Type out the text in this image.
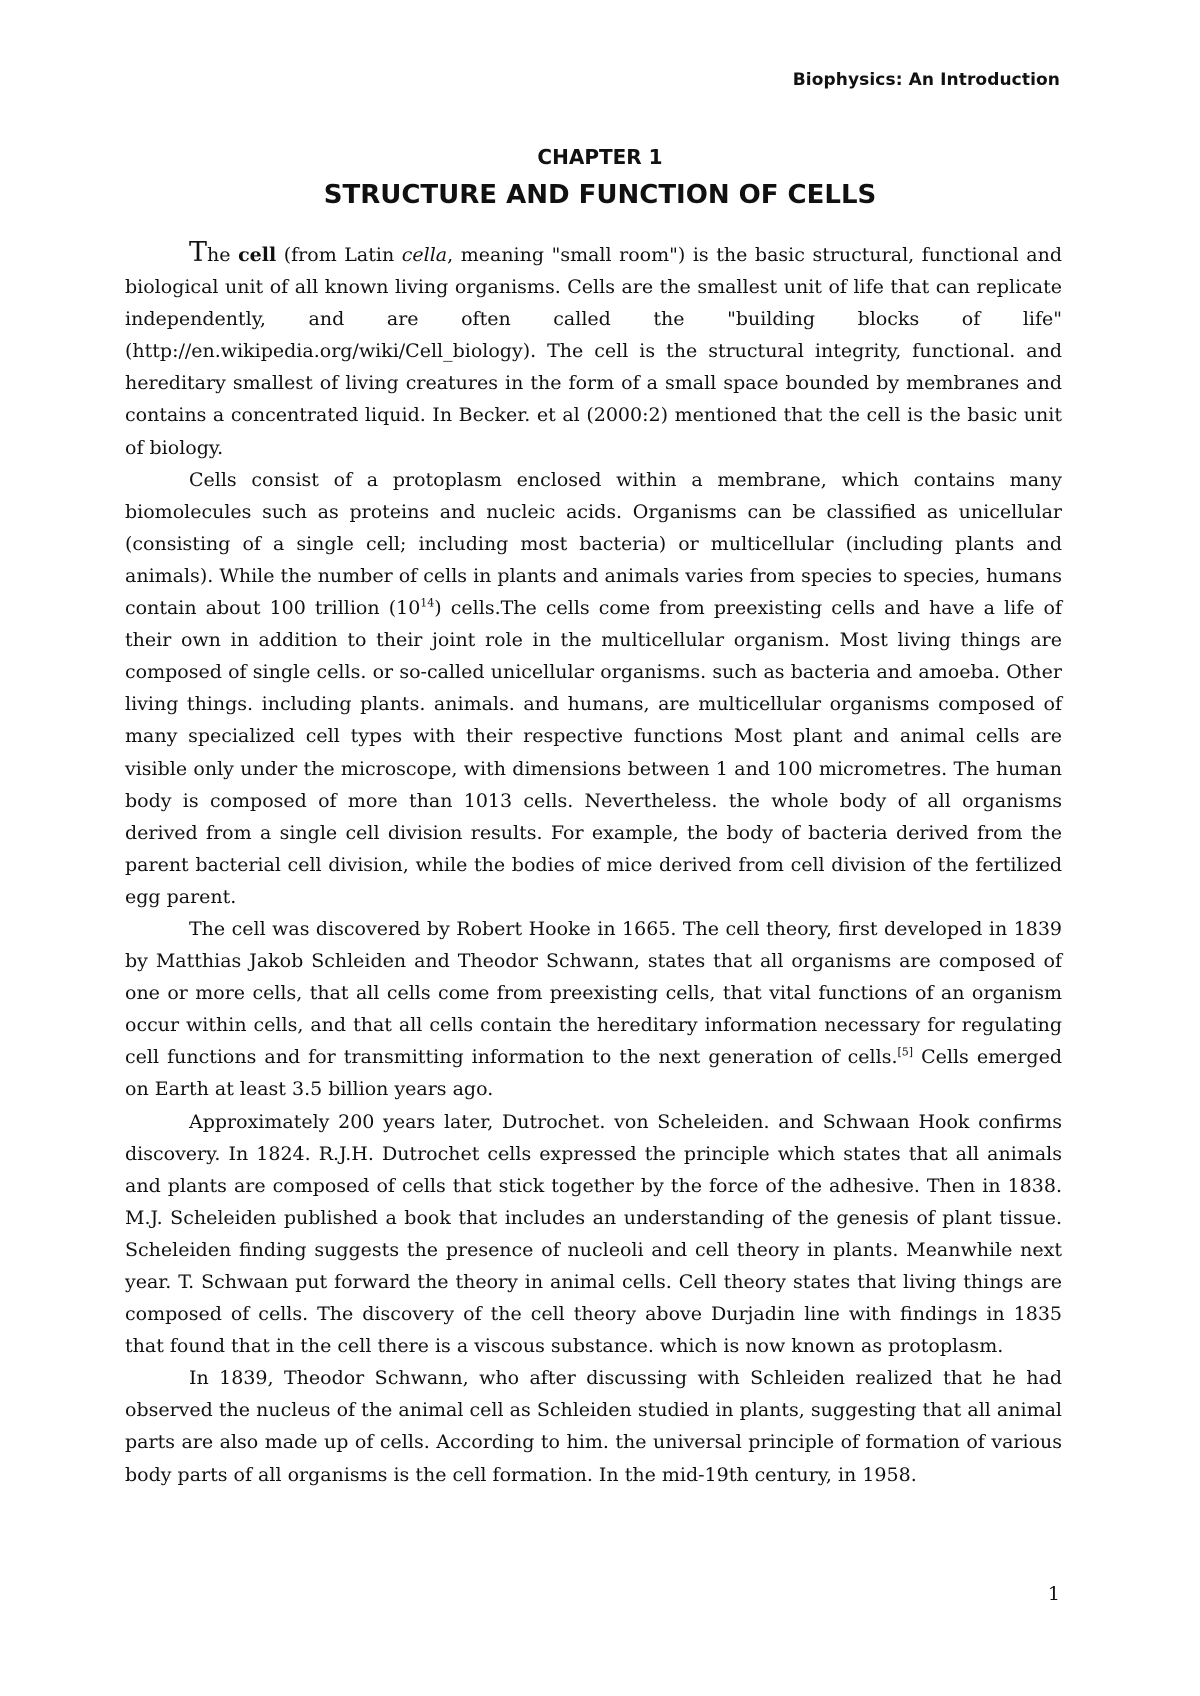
Biophysics: An Introduction
CHAPTER 1
STRUCTURE AND FUNCTION OF CELLS

The cell (from Latin cella, meaning "small room") is the basic structural, functional and biological unit of all known living organisms. Cells are the smallest unit of life that can replicate independently, and are often called the "building blocks of life" (http://en.wikipedia.org/wiki/Cell_biology). The cell is the structural integrity, functional. and hereditary smallest of living creatures in the form of a small space bounded by membranes and contains a concentrated liquid. In Becker. et al (2000:2) mentioned that the cell is the basic unit of biology.

Cells consist of a protoplasm enclosed within a membrane, which contains many biomolecules such as proteins and nucleic acids. Organisms can be classified as unicellular (consisting of a single cell; including most bacteria) or multicellular (including plants and animals). While the number of cells in plants and animals varies from species to species, humans contain about 100 trillion $(10^{14})$ cells.The cells come from preexisting cells and have a life of their own in addition to their joint role in the multicellular organism. Most living things are composed of single cells. or so-called unicellular organisms. such as bacteria and amoeba. Other living things. including plants. animals. and humans, are multicellular organisms composed of many specialized cell types with their respective functions Most plant and animal cells are visible only under the microscope, with dimensions between 1 and 100 micrometres. The human body is composed of more than 1013 cells. Nevertheless. the whole body of all organisms derived from a single cell division results. For example, the body of bacteria derived from the parent bacterial cell division, while the bodies of mice derived from cell division of the fertilized egg parent.

The cell was discovered by Robert Hooke in 1665. The cell theory, first developed in 1839 by Matthias Jakob Schleiden and Theodor Schwann, states that all organisms are composed of one or more cells, that all cells come from preexisting cells, that vital functions of an organism occur within cells, and that all cells contain the hereditary information necessary for regulating cell functions and for transmitting information to the next generation of cells.[5] Cells emerged on Earth at least 3.5 billion years ago.

Approximately 200 years later, Dutrochet. von Scheleiden. and Schwaan Hook confirms discovery. In 1824. R.J.H. Dutrochet cells expressed the principle which states that all animals and plants are composed of cells that stick together by the force of the adhesive. Then in 1838. M.J. Scheleiden published a book that includes an understanding of the genesis of plant tissue. Scheleiden finding suggests the presence of nucleoli and cell theory in plants. Meanwhile next year. T. Schwaan put forward the theory in animal cells. Cell theory states that living things are composed of cells. The discovery of the cell theory above Durjadin line with findings in 1835 that found that in the cell there is a viscous substance. which is now known as protoplasm.

In 1839, Theodor Schwann, who after discussing with Schleiden realized that he had observed the nucleus of the animal cell as Schleiden studied in plants, suggesting that all animal parts are also made up of cells. According to him. the universal principle of formation of various body parts of all organisms is the cell formation. In the mid-19th century, in 1958.

1
